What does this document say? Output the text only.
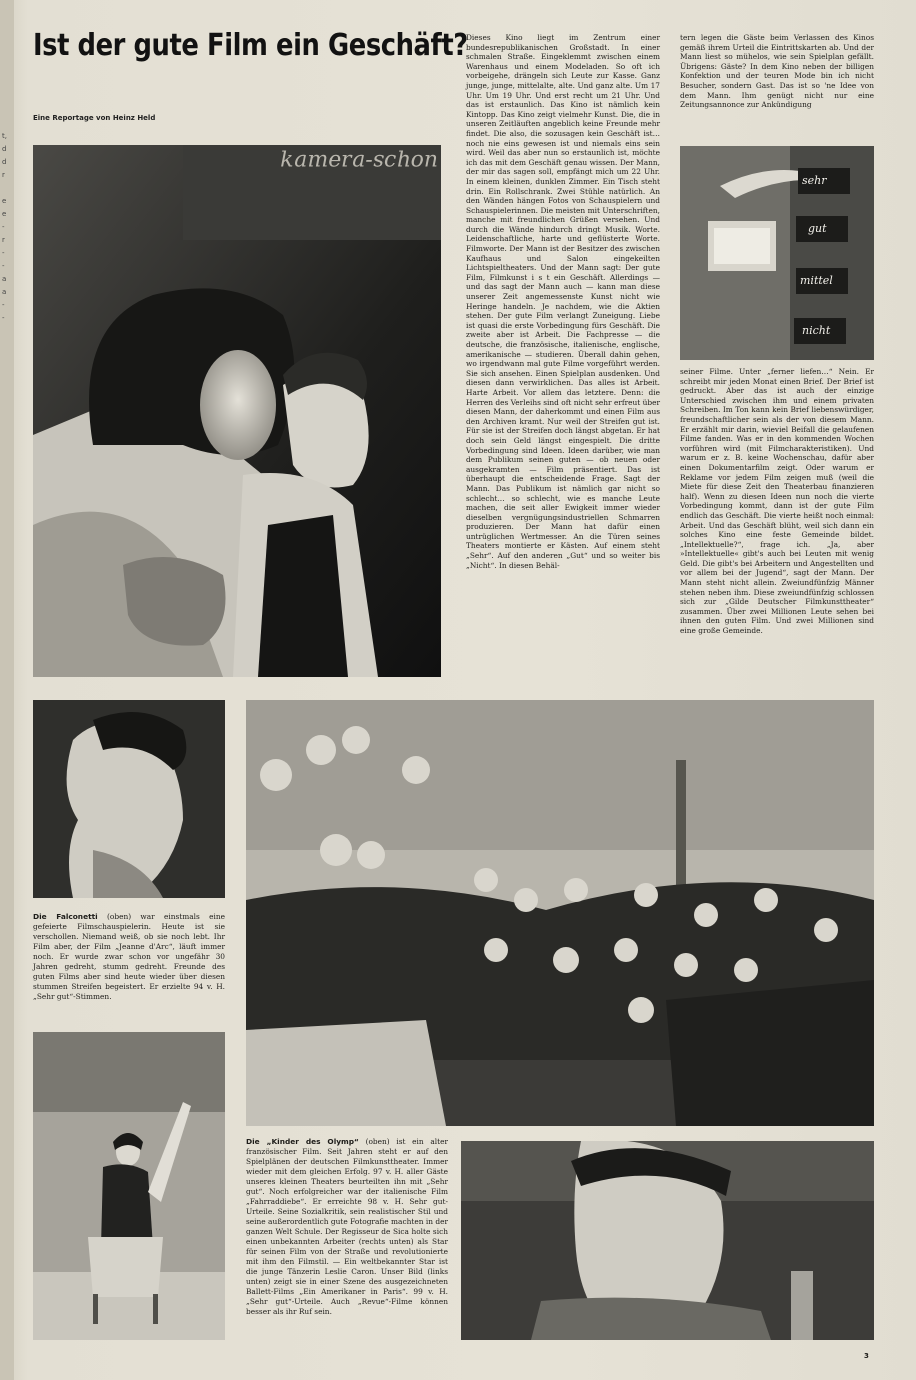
t,
d
d
r

e
e
-
r
-
-
a
a
-
-
Ist der gute Film ein Geschäft?
Eine Reportage von Heinz Held
uoɥɔs-ɐɹǝɯɐʞ

Dieses Kino liegt im Zentrum einer bundesrepublikanischen Großstadt. In einer schmalen Straße. Eingeklemmt zwischen einem Warenhaus und einem Modeladen. So oft ich vorbeigehe, drängeln sich Leute zur Kasse. Ganz junge, junge, mittelalte, alte. Und ganz alte. Um 17 Uhr. Um 19 Uhr. Und erst recht um 21 Uhr. Und das ist erstaunlich. Das Kino ist nämlich kein Kintopp. Das Kino zeigt vielmehr Kunst. Die, die in unseren Zeitläuften angeblich keine Freunde mehr findet. Die also, die sozusagen kein Geschäft ist… noch nie eins gewesen ist und niemals eins sein wird. Weil das aber nun so erstaunlich ist, möchte ich das mit dem Geschäft genau wissen. Der Mann, der mir das sagen soll, empfängt mich um 22 Uhr. In einem kleinen, dunklen Zimmer. Ein Tisch steht drin. Ein Rollschrank. Zwei Stühle natürlich. An den Wänden hängen Fotos von Schauspielern und Schauspielerinnen. Die meisten mit Unterschriften, manche mit freundlichen Grüßen versehen. Und durch die Wände hindurch dringt Musik. Worte. Leidenschaftliche, harte und geflüsterte Worte. Filmworte. Der Mann ist der Besitzer des zwischen Kaufhaus und Salon eingekeilten Lichtspieltheaters. Und der Mann sagt: Der gute Film, Filmkunst i s t ein Geschäft. Allerdings — und das sagt der Mann auch — kann man diese unserer Zeit angemessenste Kunst nicht wie Heringe handeln. Je nachdem, wie die Aktien stehen. Der gute Film verlangt Zuneigung. Liebe ist quasi die erste Vorbedingung fürs Geschäft. Die zweite aber ist Arbeit. Die Fachpresse — die deutsche, die französische, italienische, englische, amerikanische — studieren. Überall dahin gehen, wo irgendwann mal gute Filme vorgeführt werden. Sie sich ansehen. Einen Spielplan ausdenken. Und diesen dann verwirklichen. Das alles ist Arbeit. Harte Arbeit. Vor allem das letztere. Denn: die Herren des Verleihs sind oft nicht sehr erfreut über diesen Mann, der daherkommt und einen Film aus den Archiven kramt. Nur weil der Streifen gut ist. Für sie ist der Streifen doch längst abgetan. Er hat doch sein Geld längst eingespielt. Die dritte Vorbedingung sind Ideen. Ideen darüber, wie man dem Publikum seinen guten — ob neuen oder ausgekramten — Film präsentiert. Das ist überhaupt die entscheidende Frage. Sagt der Mann. Das Publikum ist nämlich gar nicht so schlecht… so schlecht, wie es manche Leute machen, die seit aller Ewigkeit immer wieder dieselben vergnügungsindustriellen Schmarren produzieren. Der Mann hat dafür einen untrüglichen Wertmesser. An die Türen seines Theaters montierte er Kästen. Auf einem steht „Sehr“. Auf den anderen „Gut“ und so weiter bis „Nicht“. In diesen Behäl-

tern legen die Gäste beim Verlassen des Kinos gemäß ihrem Urteil die Eintrittskarten ab. Und der Mann liest so mühelos, wie sein Spielplan gefällt. Übrigens: Gäste? In dem Kino neben der billigen Konfektion und der teuren Mode bin ich nicht Besucher, sondern Gast. Das ist so 'ne Idee von dem Mann. Ihm genügt nicht nur eine Zeitungsannonce zur Ankündigung

sehr
gut
mittel
nicht

seiner Filme. Unter „ferner liefen…“ Nein. Er schreibt mir jeden Monat einen Brief. Der Brief ist gedruckt. Aber das ist auch der einzige Unterschied zwischen ihm und einem privaten Schreiben. Im Ton kann kein Brief liebenswürdiger, freundschaftlicher sein als der von diesem Mann. Er erzählt mir darin, wieviel Beifall die gelaufenen Filme fanden. Was er in den kommenden Wochen vorführen wird (mit Filmcharakteristiken). Und warum er z. B. keine Wochenschau, dafür aber einen Dokumentarfilm zeigt. Oder warum er Reklame vor jedem Film zeigen muß (weil die Miete für diese Zeit den Theaterbau finanzieren half). Wenn zu diesen Ideen nun noch die vierte Vorbedingung kommt, dann ist der gute Film endlich das Geschäft. Die vierte heißt noch einmal: Arbeit. Und das Geschäft blüht, weil sich dann ein solches Kino eine feste Gemeinde bildet. „Intellektuelle?“, frage ich. „Ja, aber »Intellektuelle« gibt's auch bei Leuten mit wenig Geld. Die gibt's bei Arbeitern und Angestellten und vor allem bei der Jugend“, sagt der Mann. Der Mann steht nicht allein. Zweiundfünfzig Männer stehen neben ihm. Diese zweiundfünfzig schlossen sich zur „Gilde Deutscher Filmkunsttheater“ zusammen. Über zwei Millionen Leute sehen bei ihnen den guten Film. Und zwei Millionen sind eine große Gemeinde.

Die Falconetti (oben) war einstmals eine gefeierte Filmschauspielerin. Heute ist sie verschollen. Niemand weiß, ob sie noch lebt. Ihr Film aber, der Film „Jeanne d'Arc“, läuft immer noch. Er wurde zwar schon vor ungefähr 30 Jahren gedreht, stumm gedreht. Freunde des guten Films aber sind heute wieder über diesen stummen Streifen begeistert. Er erzielte 94 v. H. „Sehr gut“-Stimmen.
Die „Kinder des Olymp“ (oben) ist ein alter französischer Film. Seit Jahren steht er auf den Spielplänen der deutschen Filmkunsttheater. Immer wieder mit dem gleichen Erfolg. 97 v. H. aller Gäste unseres kleinen Theaters beurteilten ihn mit „Sehr gut“. Noch erfolgreicher war der italienische Film „Fahrraddiebe“. Er erreichte 98 v. H. Sehr gut-Urteile. Seine Sozialkritik, sein realistischer Stil und seine außerordentlich gute Fotografie machten in der ganzen Welt Schule. Der Regisseur de Sica holte sich einen unbekannten Arbeiter (rechts unten) als Star für seinen Film von der Straße und revolutionierte mit ihm den Filmstil. — Ein weltbekannter Star ist die junge Tänzerin Leslie Caron. Unser Bild (links unten) zeigt sie in einer Szene des ausgezeichneten Ballett-Films „Ein Amerikaner in Paris“. 99 v. H. „Sehr gut“-Urteile. Auch „Revue“-Filme können besser als ihr Ruf sein.
3
